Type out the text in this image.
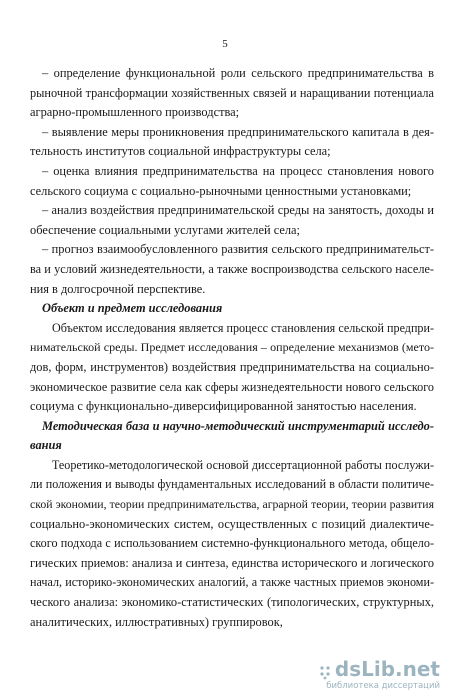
5
– определение функциональной роли сельского предпринимательства в
рыночной трансформации хозяйственных связей и наращивании потенциала
аграрно-промышленного производства;
– выявление меры проникновения предпринимательского капитала в дея-
тельность институтов социальной инфраструктуры села;
– оценка влияния предпринимательства на процесс становления нового
сельского социума с социально-рыночными ценностными установками;
– анализ воздействия предпринимательской среды на занятость, доходы и
обеспечение социальными услугами жителей села;
– прогноз взаимообусловленного развития сельского предпринимательст-
ва и условий жизнедеятельности, а также воспроизводства сельского населе-
ния в долгосрочной перспективе.
Объект и предмет исследования
Объектом исследования является процесс становления сельской предпри-
нимательской среды. Предмет исследования – определение механизмов (мето-
дов, форм, инструментов) воздействия предпринимательства на социально-
экономическое развитие села как сферы жизнедеятельности нового сельского
социума с функционально-диверсифицированной занятостью населения.
Методическая база и научно-методический инструментарий исследо-
вания
Теоретико-методологической основой диссертационной работы послужи-
ли положения и выводы фундаментальных исследований в области политиче-
ской экономии, теории предпринимательства, аграрной теории, теории развития
социально-экономических систем, осуществленных с позиций диалектиче-
ского подхода с использованием системно-функционального метода, общело-
гических приемов: анализа и синтеза, единства исторического и логического
начал, историко-экономических аналогий, а также частных приемов экономи-
ческого анализа: экономико-статистических (типологических, структурных,
аналитических, иллюстративных) группировок,
dsLib.net
библиотека диссертаций
